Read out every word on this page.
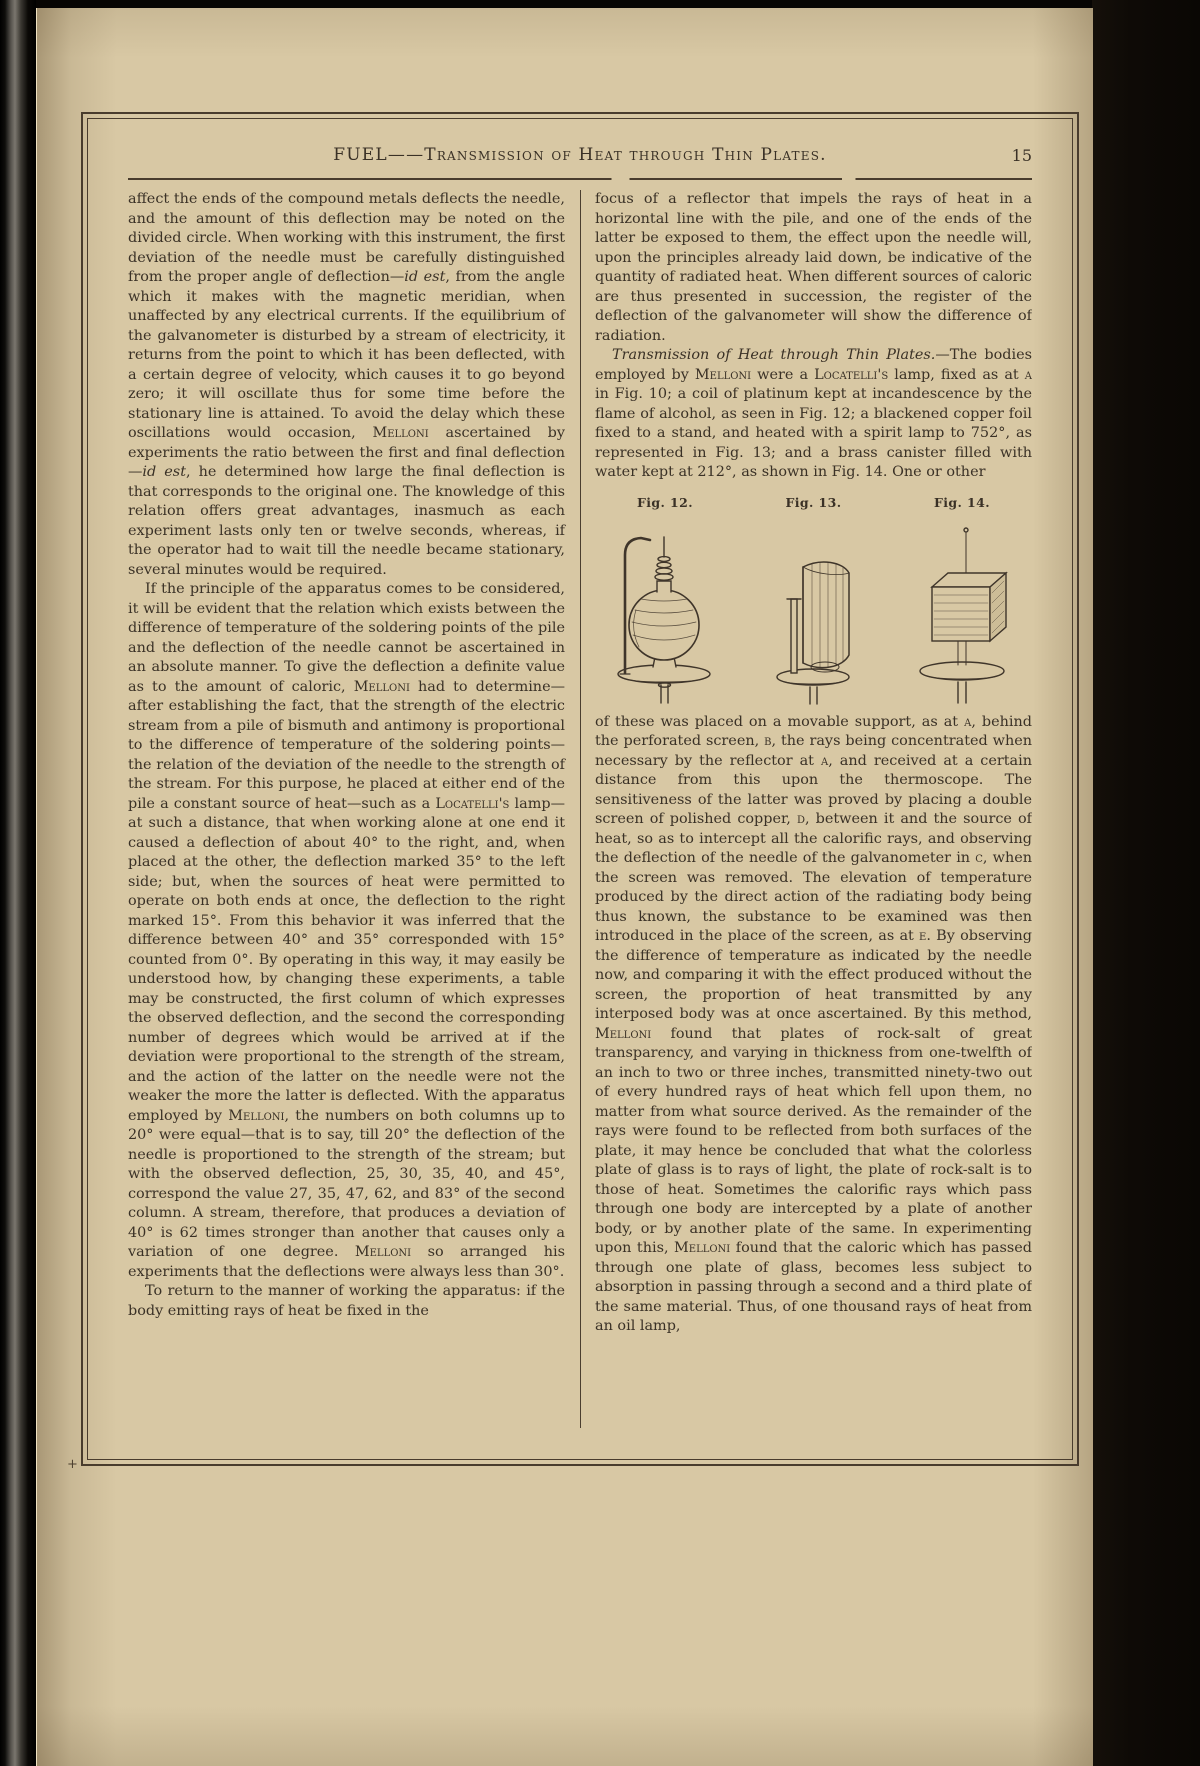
FUEL——Transmission of Heat through Thin Plates.	15

affect the ends of the compound metals deflects the needle, and the amount of this deflection may be noted on the divided circle. When working with this instrument, the first deviation of the needle must be carefully distinguished from the proper angle of deflection—id est, from the angle which it makes with the magnetic meridian, when unaffected by any electrical currents. If the equilibrium of the galvanometer is disturbed by a stream of electricity, it returns from the point to which it has been deflected, with a certain degree of velocity, which causes it to go beyond zero; it will oscillate thus for some time before the stationary line is attained. To avoid the delay which these oscillations would occasion, Melloni ascertained by experiments the ratio between the first and final deflection—id est, he determined how large the final deflection is that corresponds to the original one. The knowledge of this relation offers great advantages, inasmuch as each experiment lasts only ten or twelve seconds, whereas, if the operator had to wait till the needle became stationary, several minutes would be required.

If the principle of the apparatus comes to be considered, it will be evident that the relation which exists between the difference of temperature of the soldering points of the pile and the deflection of the needle cannot be ascertained in an absolute manner. To give the deflection a definite value as to the amount of caloric, Melloni had to determine—after establishing the fact, that the strength of the electric stream from a pile of bismuth and antimony is proportional to the difference of temperature of the soldering points—the relation of the deviation of the needle to the strength of the stream. For this purpose, he placed at either end of the pile a constant source of heat—such as a Locatelli's lamp—at such a distance, that when working alone at one end it caused a deflection of about 40° to the right, and, when placed at the other, the deflection marked 35° to the left side; but, when the sources of heat were permitted to operate on both ends at once, the deflection to the right marked 15°. From this behavior it was inferred that the difference between 40° and 35° corresponded with 15° counted from 0°. By operating in this way, it may easily be understood how, by changing these experiments, a table may be constructed, the first column of which expresses the observed deflection, and the second the corresponding number of degrees which would be arrived at if the deviation were proportional to the strength of the stream, and the action of the latter on the needle were not the weaker the more the latter is deflected. With the apparatus employed by Melloni, the numbers on both columns up to 20° were equal—that is to say, till 20° the deflection of the needle is proportioned to the strength of the stream; but with the observed deflection, 25, 30, 35, 40, and 45°, correspond the value 27, 35, 47, 62, and 83° of the second column. A stream, therefore, that produces a deviation of 40° is 62 times stronger than another that causes only a variation of one degree. Melloni so arranged his experiments that the deflections were always less than 30°.

To return to the manner of working the apparatus: if the body emitting rays of heat be fixed in the

focus of a reflector that impels the rays of heat in a horizontal line with the pile, and one of the ends of the latter be exposed to them, the effect upon the needle will, upon the principles already laid down, be indicative of the quantity of radiated heat. When different sources of caloric are thus presented in succession, the register of the deflection of the galvanometer will show the difference of radiation.

Transmission of Heat through Thin Plates.—The bodies employed by Melloni were a Locatelli's lamp, fixed as at a in Fig. 10; a coil of platinum kept at incandescence by the flame of alcohol, as seen in Fig. 12; a blackened copper foil fixed to a stand, and heated with a spirit lamp to 752°, as represented in Fig. 13; and a brass canister filled with water kept at 212°, as shown in Fig. 14. One or other

Fig. 12.	Fig. 13.	Fig. 14.

of these was placed on a movable support, as at a, behind the perforated screen, b, the rays being concentrated when necessary by the reflector at a, and received at a certain distance from this upon the thermoscope. The sensitiveness of the latter was proved by placing a double screen of polished copper, d, between it and the source of heat, so as to intercept all the calorific rays, and observing the deflection of the needle of the galvanometer in c, when the screen was removed. The elevation of temperature produced by the direct action of the radiating body being thus known, the substance to be examined was then introduced in the place of the screen, as at e. By observing the difference of temperature as indicated by the needle now, and comparing it with the effect produced without the screen, the proportion of heat transmitted by any interposed body was at once ascertained. By this method, Melloni found that plates of rock-salt of great transparency, and varying in thickness from one-twelfth of an inch to two or three inches, transmitted ninety-two out of every hundred rays of heat which fell upon them, no matter from what source derived. As the remainder of the rays were found to be reflected from both surfaces of the plate, it may hence be concluded that what the colorless plate of glass is to rays of light, the plate of rock-salt is to those of heat. Sometimes the calorific rays which pass through one body are intercepted by a plate of another body, or by another plate of the same. In experimenting upon this, Melloni found that the caloric which has passed through one plate of glass, becomes less subject to absorption in passing through a second and a third plate of the same material. Thus, of one thousand rays of heat from an oil lamp,

+
